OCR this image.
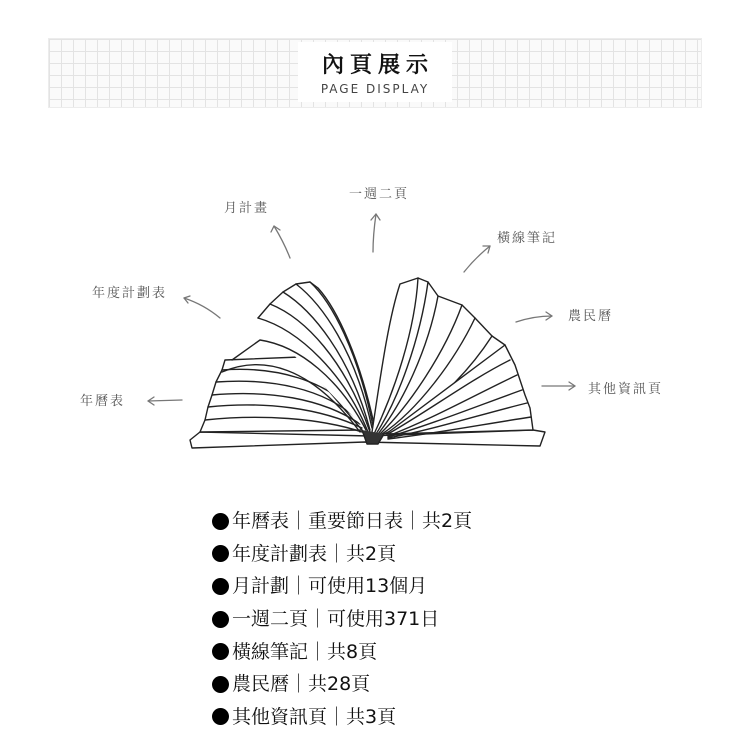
內頁展示
PAGE DISPLAY
月計畫
一週二頁
橫線筆記
年度計劃表
農民曆
年曆表
其他資訊頁
年曆表｜重要節日表｜共2頁
年度計劃表｜共2頁
月計劃｜可使用13個月
一週二頁｜可使用371日
橫線筆記｜共8頁
農民曆｜共28頁
其他資訊頁｜共3頁
